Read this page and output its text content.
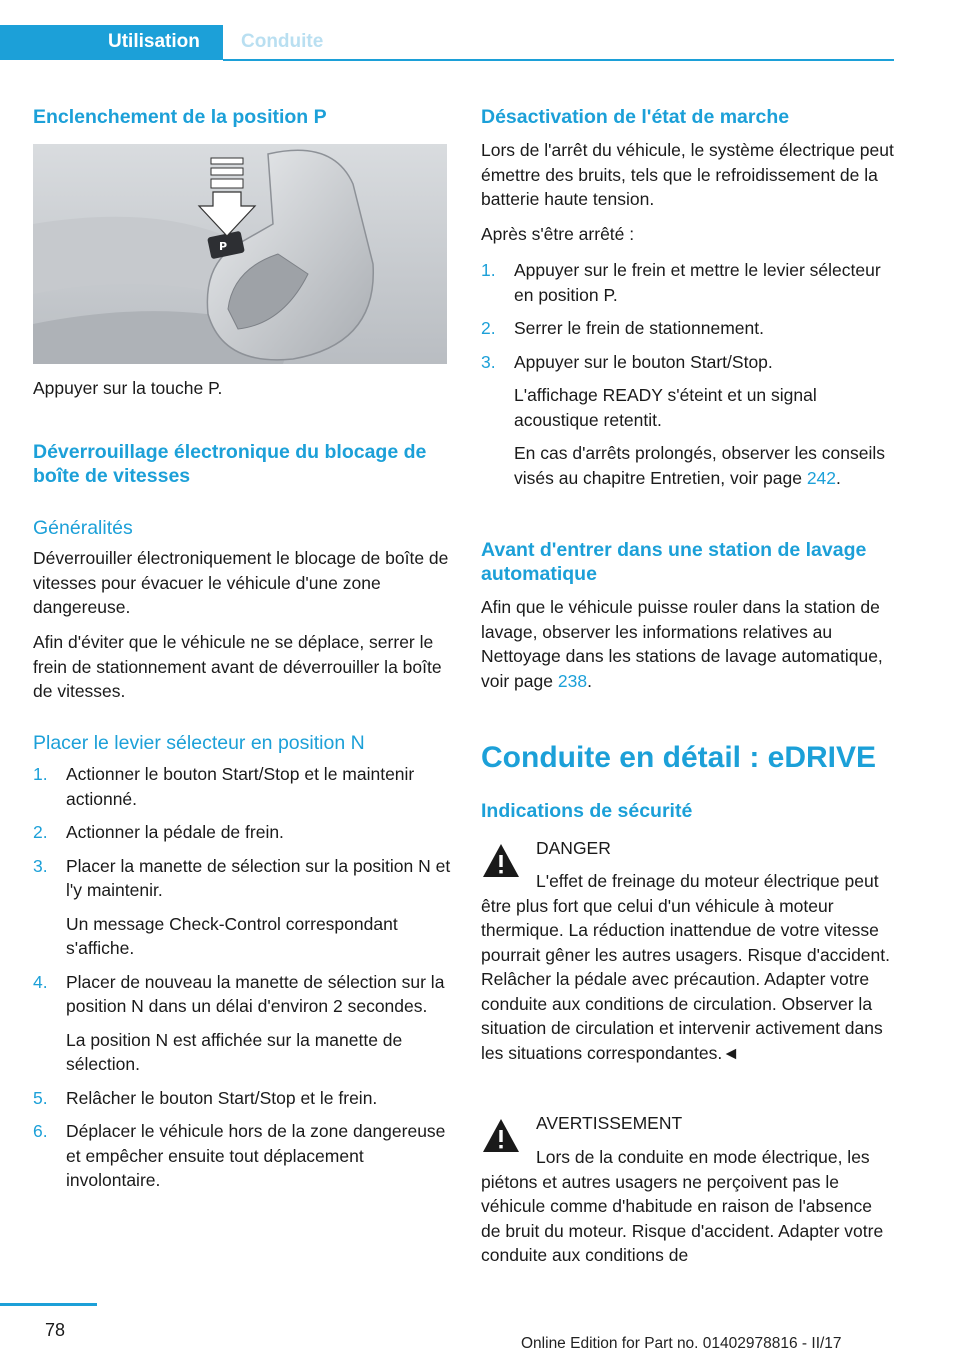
Utilisation Conduite
Enclenchement de la position P
P

Appuyer sur la touche P.

Déverrouillage électronique du blocage de boîte de vitesses
Généralités

Déverrouiller électroniquement le blocage de boîte de vitesses pour évacuer le véhicule d'une zone dangereuse.

Afin d'éviter que le véhicule ne se déplace, serrer le frein de stationnement avant de déverrouiller la boîte de vitesses.

Placer le levier sélecteur en position N
1. Actionner le bouton Start/Stop et le maintenir actionné.
2. Actionner la pédale de frein.
3. Placer la manette de sélection sur la position N et l'y maintenir.
Un message Check-Control correspondant s'affiche.
4. Placer de nouveau la manette de sélection sur la position N dans un délai d'environ 2 secondes.
La position N est affichée sur la manette de sélection.
5. Relâcher le bouton Start/Stop et le frein.
6. Déplacer le véhicule hors de la zone dangereuse et empêcher ensuite tout déplacement involontaire.
Désactivation de l'état de marche

Lors de l'arrêt du véhicule, le système électrique peut émettre des bruits, tels que le refroidissement de la batterie haute tension.

Après s'être arrêté :

1. Appuyer sur le frein et mettre le levier sélecteur en position P.
2. Serrer le frein de stationnement.
3. Appuyer sur le bouton Start/Stop.
L'affichage READY s'éteint et un signal acoustique retentit.
En cas d'arrêts prolongés, observer les conseils visés au chapitre Entretien, voir page 242.
Avant d'entrer dans une station de lavage automatique

Afin que le véhicule puisse rouler dans la station de lavage, observer les informations relatives au Nettoyage dans les stations de lavage automatique, voir page 238.

Conduite en détail : eDRIVE
Indications de sécurité

DANGER

L'effet de freinage du moteur électrique peut être plus fort que celui d'un véhicule à moteur thermique. La réduction inattendue de votre vitesse pourrait gêner les autres usagers. Risque d'accident. Relâcher la pédale avec précaution. Adapter votre conduite aux conditions de circulation. Observer la situation de circulation et intervenir activement dans les situations correspondantes.◄

AVERTISSEMENT

Lors de la conduite en mode électrique, les piétons et autres usagers ne perçoivent pas le véhicule comme d'habitude en raison de l'absence de bruit du moteur. Risque d'accident. Adapter votre conduite aux conditions de

78
Online Edition for Part no. 01402978816 - II/17
